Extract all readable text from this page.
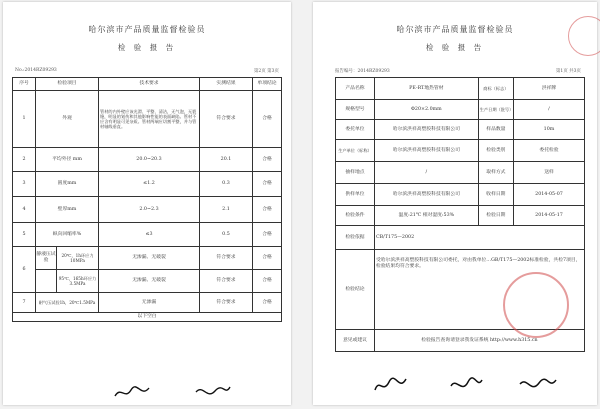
哈尔滨市产品质量监督检验员
检 验 报 告
No.:2014RZ09293	第2页 第3页
序号	检验项目	技术要求	实测结果	单项结论
1	外观	管材的内外壁应该光滑、平整、清洁，无气泡，无裂缝，明显的划伤和其他影响性能的表面缺陷。管材不应含有明显可见杂质。管材两端应切割平整，并与管材轴线垂直。	符合要求	合格
2	平均外径 mm	20.0~20.3	20.1	合格
3	圆度mm	≤1.2	0.3	合格
4	壁厚mm	2.0~2.3	2.1	合格
5	纵向回缩率%	≤3	0.5	合格
6	静液压试验
20℃，1h环应力10MPa	无渗漏、无破裂	符合要求	合格

95℃，165h环应力3.5MPa	无渗漏、无破裂	符合要求	合格
7	耐气压试验1h，20℃1.5MPa	无渗漏	符合要求	合格
以下空白				
哈尔滨市产品质量监督检验员
检 验 报 告
报告编号：2014RZ09293	第1页 共3页
产品名称	PE-RT地热管材	商标（标志）	洪祥牌
规格型号	Φ20×2.0mm	生产日期（批号）	/
委托单位	哈尔滨洪祥高塑胶科技有限公司	样品数量	10m
生产单位（标称）	哈尔滨洪祥高塑胶科技有限公司	检验类别	委托检验
抽样地点	/	取样方式	送样
供样单位	哈尔滨洪祥高塑胶科技有限公司	收样日期	2014-05-07
检验条件	温度:21℃ 相对湿度:53%	检验日期	2014-05-17
检验依据	CB/T175—2002		
检验结论	受哈尔滨洪祥高塑胶科技有限公司委托，对由我单位…GB/T175—2002标准检验，共检7项目，检验结果均符合要求。		
意见或建议	检验报告查询请登录我发证系统 http://www.h315.cn		
